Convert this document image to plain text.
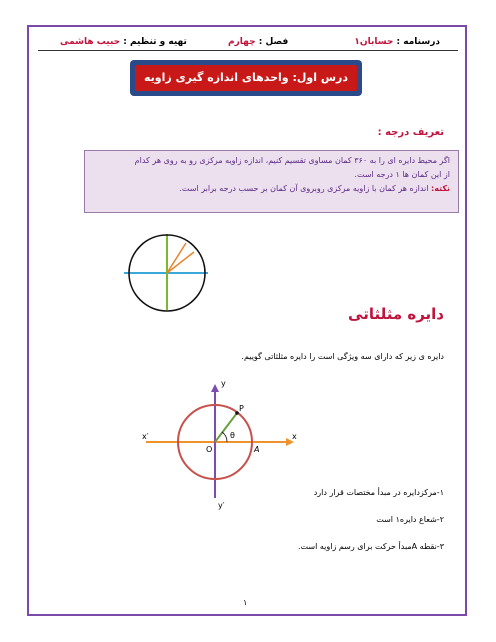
درسنامه : حسابان۱
فصل : چهارم
تهیه و تنظیم : حبیب هاشمی
درس اول: واحدهای اندازه گیری زاویه
تعریف درجه :
اگر محیط دایره ای را به ۳۶۰ کمان مساوی تقسیم کنیم، اندازه زاویه مرکزی رو به روی هر کدام
از این کمان ها ۱ درجه است.
نکته: اندازه هر کمان با زاویه مرکزی روبروی آن کمان بر حسب درجه برابر است.
دایره مثلثاتی
دایره ی زیر که دارای سه ویژگی است را دایره مثلثاتی گوییم.
y
y′
x
x′
O
P
A
θ
۱-مرکزدایره در مبدأ مختصات قرار دارد
۲-شعاع دایره۱ است
۳-نقطه Aمبدأ حرکت برای رسم زاویه است.
۱
